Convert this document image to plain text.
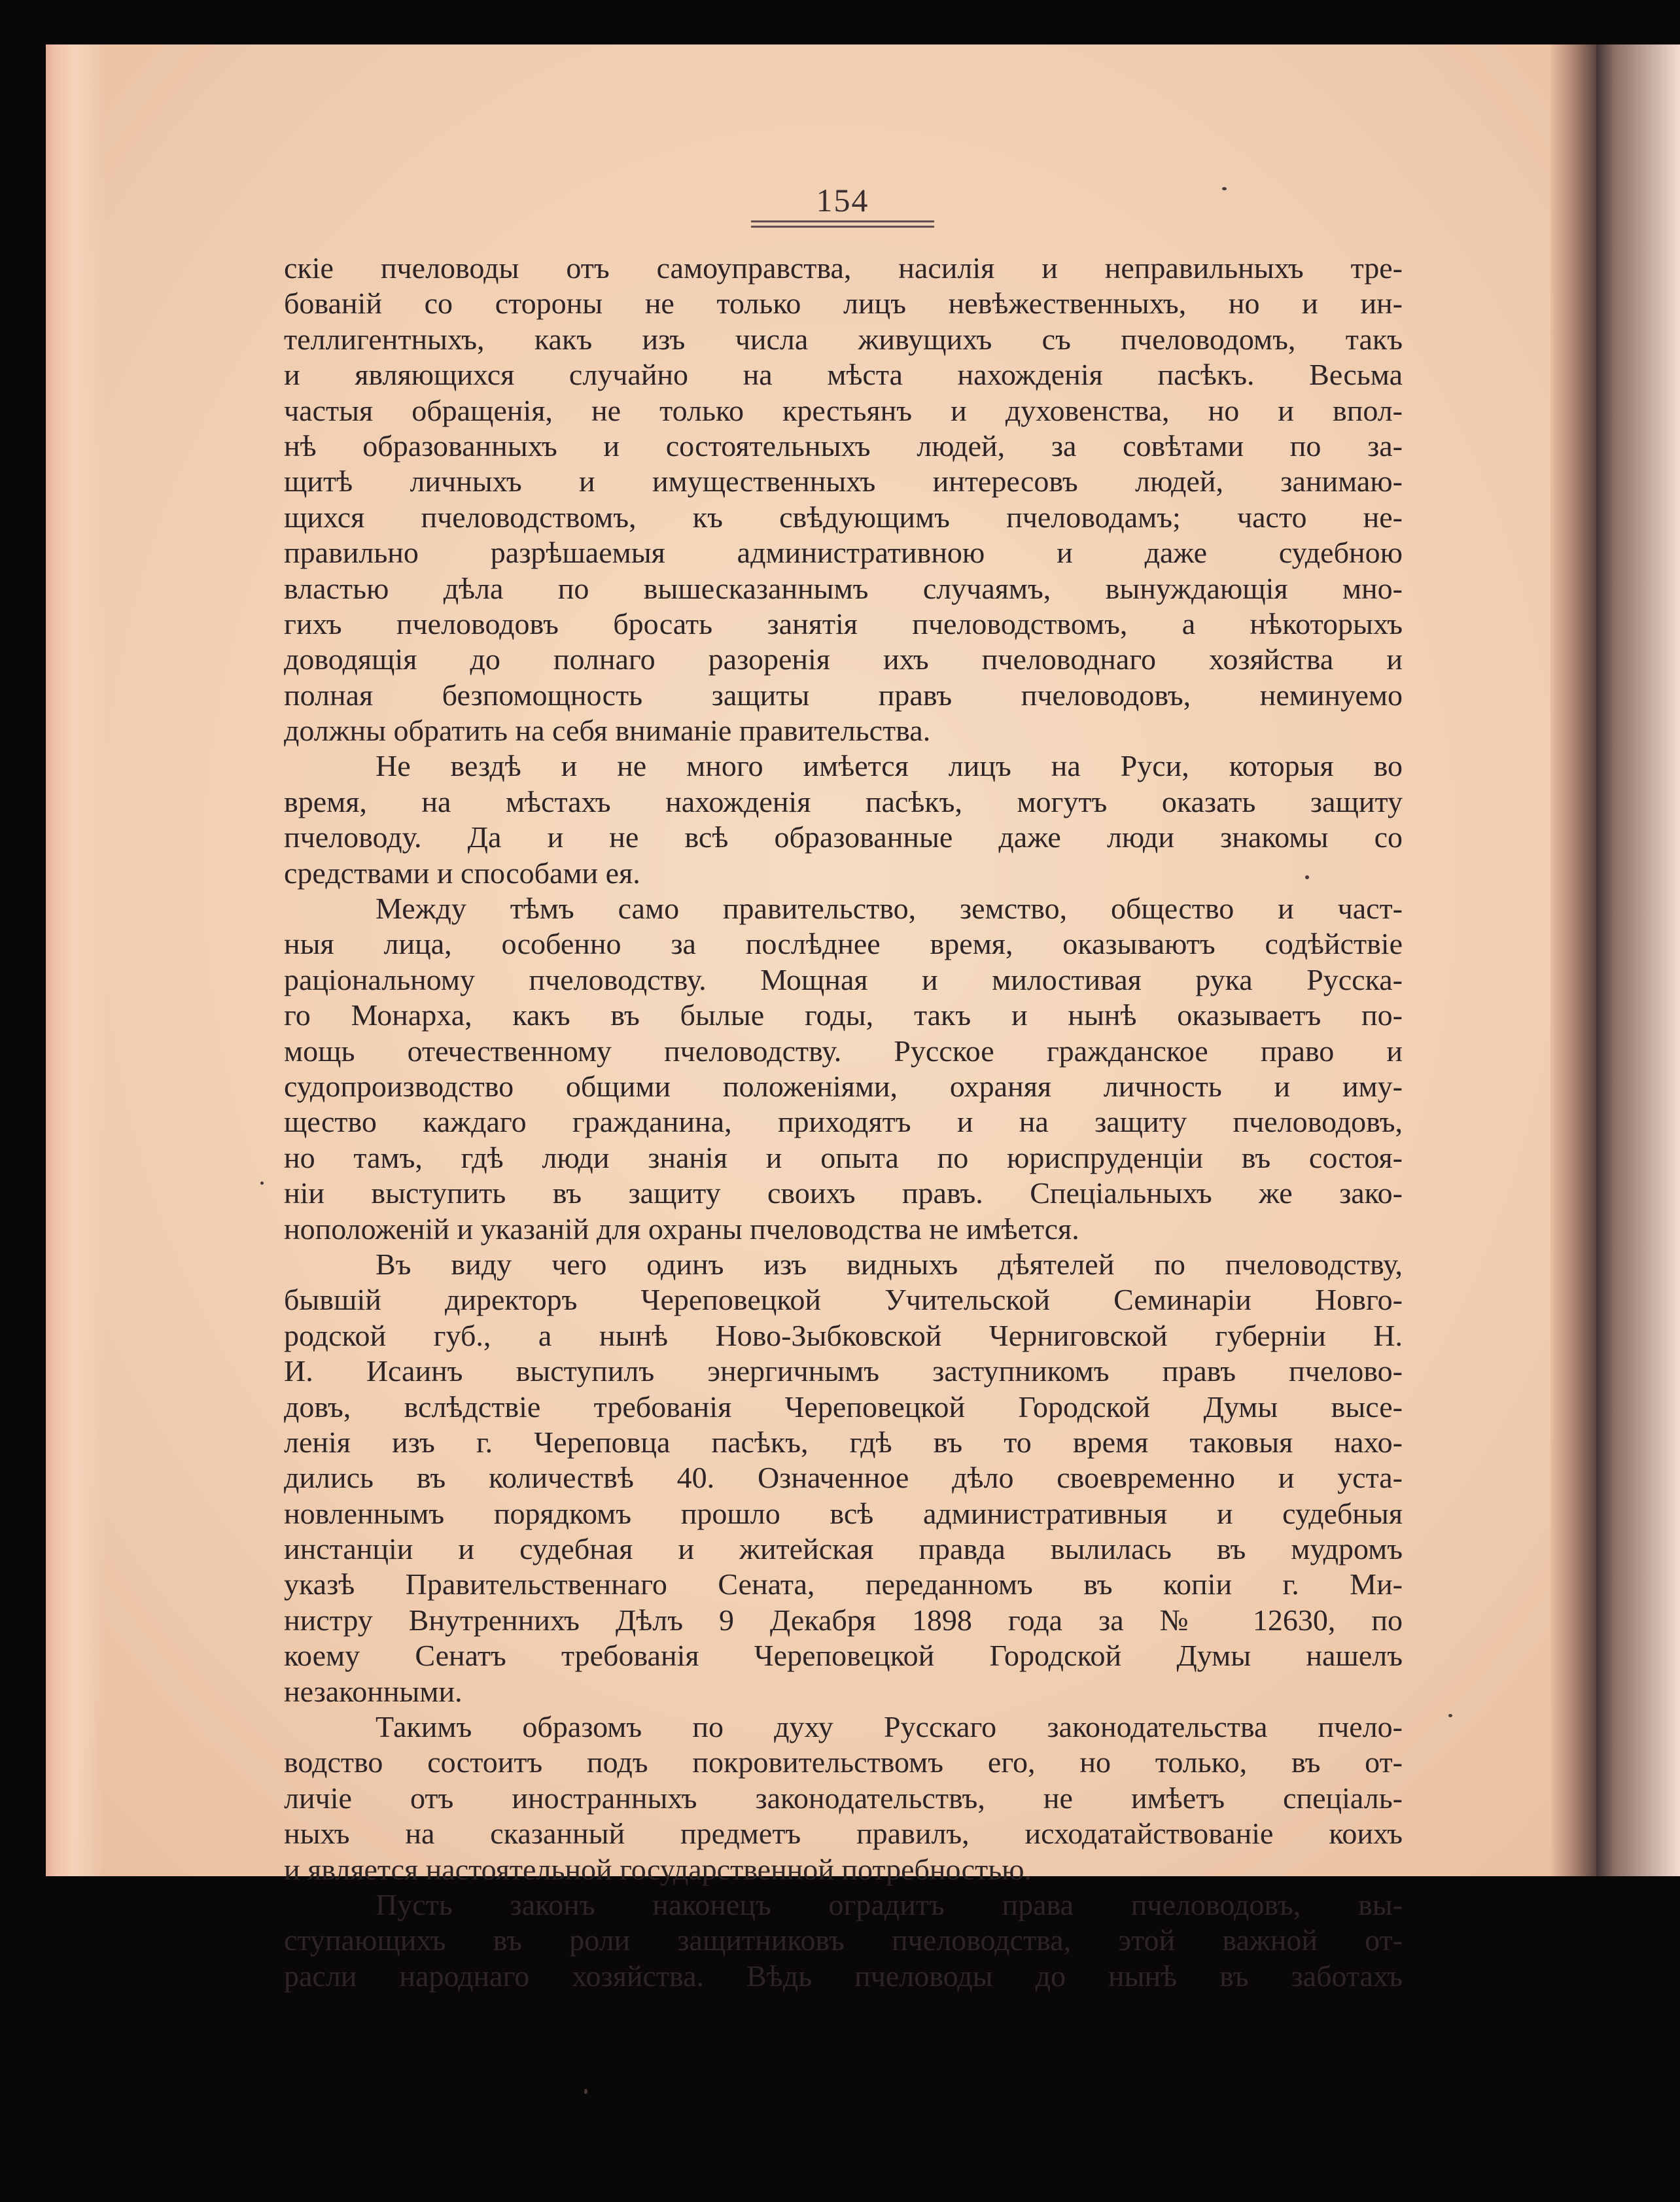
154
скіе пчеловоды отъ самоуправства, насилія и неправильныхъ тре-
бованій со стороны не только лицъ невѣжественныхъ, но и ин-
теллигентныхъ, какъ изъ числа живущихъ съ пчеловодомъ, такъ
и являющихся случайно на мѣста нахожденія пасѣкъ. Весьма
частыя обращенія, не только крестьянъ и духовенства, но и впол-
нѣ образованныхъ и состоятельныхъ людей, за совѣтами по за-
щитѣ личныхъ и имущественныхъ интересовъ людей, занимаю-
щихся пчеловодствомъ, къ свѣдующимъ пчеловодамъ; часто не-
правильно разрѣшаемыя административною и даже судебною
властью дѣла по вышесказаннымъ случаямъ, вынуждающія мно-
гихъ пчеловодовъ бросать занятія пчеловодствомъ, а нѣкоторыхъ
доводящія до полнаго разоренія ихъ пчеловоднаго хозяйства и
полная безпомощность защиты правъ пчеловодовъ, неминуемо
должны обратить на себя вниманіе правительства.
Не вездѣ и не много имѣется лицъ на Руси, которыя во
время, на мѣстахъ нахожденія пасѣкъ, могутъ оказать защиту
пчеловоду. Да и не всѣ образованные даже люди знакомы со
средствами и способами ея.
Между тѣмъ само правительство, земство, общество и част-
ныя лица, особенно за послѣднее время, оказываютъ содѣйствіе
раціональному пчеловодству. Мощная и милостивая рука Русска-
го Монарха, какъ въ былые годы, такъ и нынѣ оказываетъ по-
мощь отечественному пчеловодству. Русское гражданское право и
судопроизводство общими положеніями, охраняя личность и иму-
щество каждаго гражданина, приходятъ и на защиту пчеловодовъ,
но тамъ, гдѣ люди знанія и опыта по юриспруденціи въ состоя-
ніи выступить въ защиту своихъ правъ. Спеціальныхъ же зако-
ноположеній и указаній для охраны пчеловодства не имѣется.
Въ виду чего одинъ изъ видныхъ дѣятелей по пчеловодству,
бывшій директоръ Череповецкой Учительской Семинаріи Новго-
родской губ., а нынѣ Ново-Зыбковской Черниговской губерніи Н.
И. Исаинъ выступилъ энергичнымъ заступникомъ правъ пчелово-
довъ, вслѣдствіе требованія Череповецкой Городской Думы высе-
ленія изъ г. Череповца пасѣкъ, гдѣ въ то время таковыя нахо-
дились въ количествѣ 40. Означенное дѣло своевременно и уста-
новленнымъ порядкомъ прошло всѣ административныя и судебныя
инстанціи и судебная и житейская правда вылилась въ мудромъ
указѣ Правительственнаго Сената, переданномъ въ копіи г. Ми-
нистру Внутреннихъ Дѣлъ 9 Декабря 1898 года за № 12630, по
коему Сенатъ требованія Череповецкой Городской Думы нашелъ
незаконными.
Такимъ образомъ по духу Русскаго законодательства пчело-
водство состоитъ подъ покровительствомъ его, но только, въ от-
личіе отъ иностранныхъ законодательствъ, не имѣетъ спеціаль-
ныхъ на сказанный предметъ правилъ, исходатайствованіе коихъ
и является настоятельной государственной потребностью.
Пусть законъ наконецъ оградитъ права пчеловодовъ, вы-
ступающихъ въ роли защитниковъ пчеловодства, этой важной от-
расли народнаго хозяйства. Вѣдь пчеловоды до нынѣ въ заботахъ
